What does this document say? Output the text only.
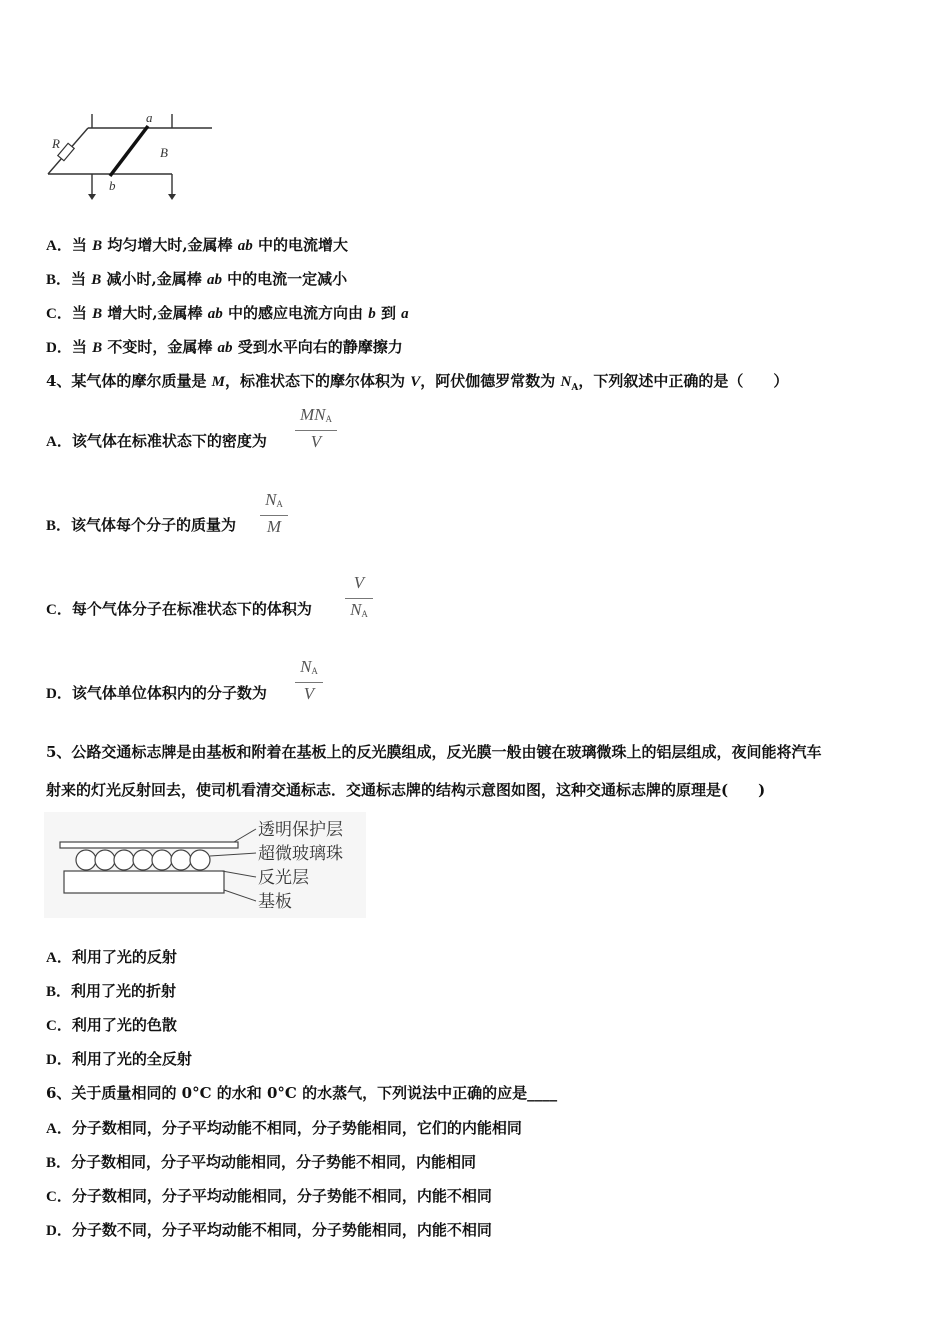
R
a
B
b
A．当 B 均匀增大时,金属棒 ab 中的电流增大
B．当 B 减小时,金属棒 ab 中的电流一定减小
C．当 B 增大时,金属棒 ab 中的感应电流方向由 b 到 a
D．当 B 不变时，金属棒 ab 受到水平向右的静摩擦力
4、某气体的摩尔质量是 M，标准状态下的摩尔体积为 V，阿伏伽德罗常数为 $N_A$，下列叙述中正确的是（　　）
A．该气体在标准状态下的密度为
$MN_A$
V
B．该气体每个分子的质量为
$N_A$
M
C．每个气体分子在标准状态下的体积为
V
$N_A$
D．该气体单位体积内的分子数为
$N_A$
V
5、公路交通标志牌是由基板和附着在基板上的反光膜组成，反光膜一般由镀在玻璃微珠上的铝层组成，夜间能将汽车
射来的灯光反射回去，使司机看清交通标志．交通标志牌的结构示意图如图，这种交通标志牌的原理是(　　)
透明保护层
超微玻璃珠
反光层
基板
A．利用了光的反射
B．利用了光的折射
C．利用了光的色散
D．利用了光的全反射
6、关于质量相同的 0°C 的水和 0°C 的水蒸气，下列说法中正确的应是____
A．分子数相同，分子平均动能不相同，分子势能相同，它们的内能相同
B．分子数相同，分子平均动能相同，分子势能不相同，内能相同
C．分子数相同，分子平均动能相同，分子势能不相同，内能不相同
D．分子数不同，分子平均动能不相同，分子势能相同，内能不相同
